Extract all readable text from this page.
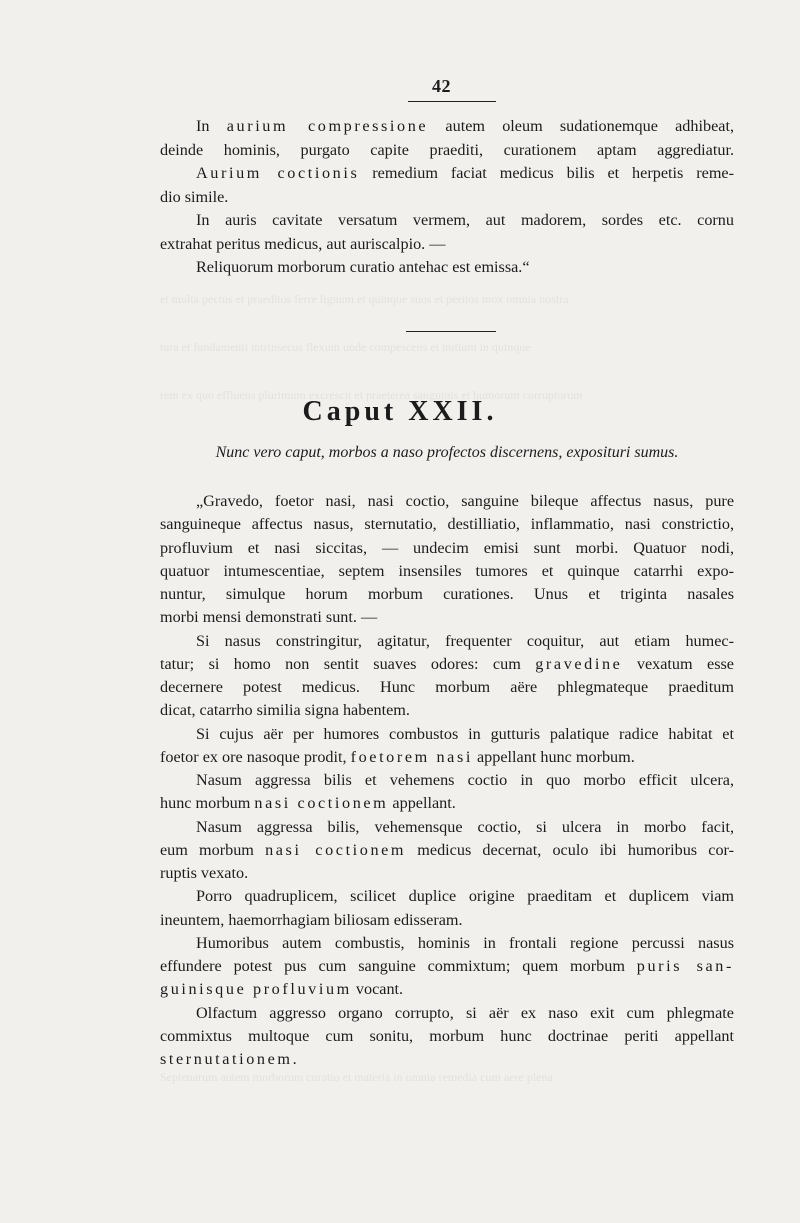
42
In aurium compressione autem oleum sudationemque adhibeat,
deinde hominis, purgato capite praediti, curationem aptam aggrediatur.
Aurium coctionis remedium faciat medicus bilis et herpetis reme-
dio simile.
In auris cavitate versatum vermem, aut madorem, sordes etc. cornu
extrahat peritus medicus, aut auriscalpio. —
Reliquorum morborum curatio antehac est emissa.“
Caput XXII.
Nunc vero caput, morbos a naso profectos discernens, exposituri sumus.
„Gravedo, foetor nasi, nasi coctio, sanguine bileque affectus nasus, pure
sanguineque affectus nasus, sternutatio, destilliatio, inflammatio, nasi constrictio,
profluvium et nasi siccitas, — undecim emisi sunt morbi. Quatuor nodi,
quatuor intumescentiae, septem insensiles tumores et quinque catarrhi expo-
nuntur, simulque horum morbum curationes. Unus et triginta nasales
morbi mensi demonstrati sunt. —
Si nasus constringitur, agitatur, frequenter coquitur, aut etiam humec-
tatur; si homo non sentit suaves odores: cum gravedine vexatum esse
decernere potest medicus. Hunc morbum aëre phlegmateque praeditum
dicat, catarrho similia signa habentem.
Si cujus aër per humores combustos in gutturis palatique radice habitat et
foetor ex ore nasoque prodit, foetorem nasi appellant hunc morbum.
Nasum aggressa bilis et vehemens coctio in quo morbo efficit ulcera,
hunc morbum nasi coctionem appellant.
Nasum aggressa bilis, vehemensque coctio, si ulcera in morbo facit,
eum morbum nasi coctionem medicus decernat, oculo ibi humoribus cor-
ruptis vexato.
Porro quadruplicem, scilicet duplice origine praeditam et duplicem viam
ineuntem, haemorrhagiam biliosam edisseram.
Humoribus autem combustis, hominis in frontali regione percussi nasus
effundere potest pus cum sanguine commixtum; quem morbum puris san-
guinisque profluvium vocant.
Olfactum aggresso organo corrupto, si aër ex naso exit cum phlegmate
commixtus multoque cum sonitu, morbum hunc doctrinae periti appellant
sternutationem.
et multa pectus et praeditos ferre lignum et quinque suos et peritos mox omnia nostra
tura et fundamenti intrinsecus flexum unde compescens et initium in quinque
rem ex quo effluens plurimum excrescit et praeterea sanguinis et humorum corruptorum
Septenarum autem morborum curatio et materia in omnia remedia cum aere plena
